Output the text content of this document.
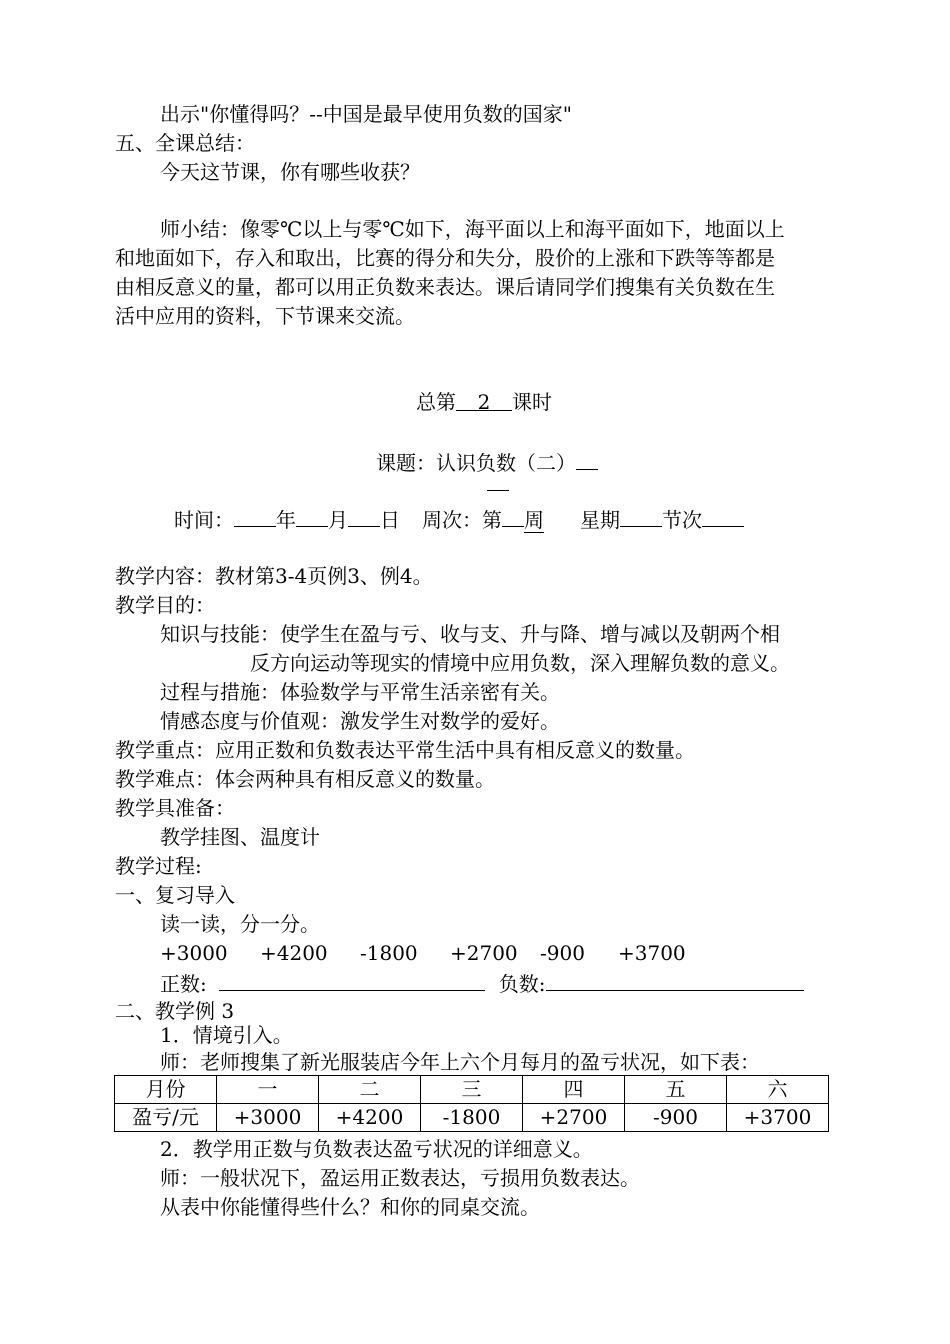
出示"你懂得吗？--中国是最早使用负数的国家"
五、全课总结：
今天这节课，你有哪些收获？
师小结：像零℃以上与零℃如下，海平面以上和海平面如下，地面以上
和地面如下，存入和取出，比赛的得分和失分，股价的上涨和下跌等等都是
由相反意义的量，都可以用正负数来表达。课后请同学们搜集有关负数在生
活中应用的资料，下节课来交流。
总第 2 课时
课题：认识负数（二）
时间： 年 月 日 周次：第 周 星期 节次
教学内容：教材第3-4页例3、例4。
教学目的：
知识与技能：使学生在盈与亏、收与支、升与降、增与减以及朝两个相
反方向运动等现实的情境中应用负数，深入理解负数的意义。
过程与措施：体验数学与平常生活亲密有关。
情感态度与价值观：激发学生对数学的爱好。
教学重点：应用正数和负数表达平常生活中具有相反意义的数量。
教学难点：体会两种具有相反意义的数量。
教学具准备：
教学挂图、温度计
教学过程:
一、复习导入
读一读，分一分。
+3000 +4200 -1800 +2700 -900 +3700
正数:	负数:
二、教学例 3
1．情境引入。
师：老师搜集了新光服装店今年上六个月每月的盈亏状况，如下表：
月份	一	二	三	四	五	六
盈亏/元	+3000	+4200	-1800	+2700	-900	+3700
2．教学用正数与负数表达盈亏状况的详细意义。
师：一般状况下，盈运用正数表达，亏损用负数表达。
从表中你能懂得些什么？和你的同桌交流。
